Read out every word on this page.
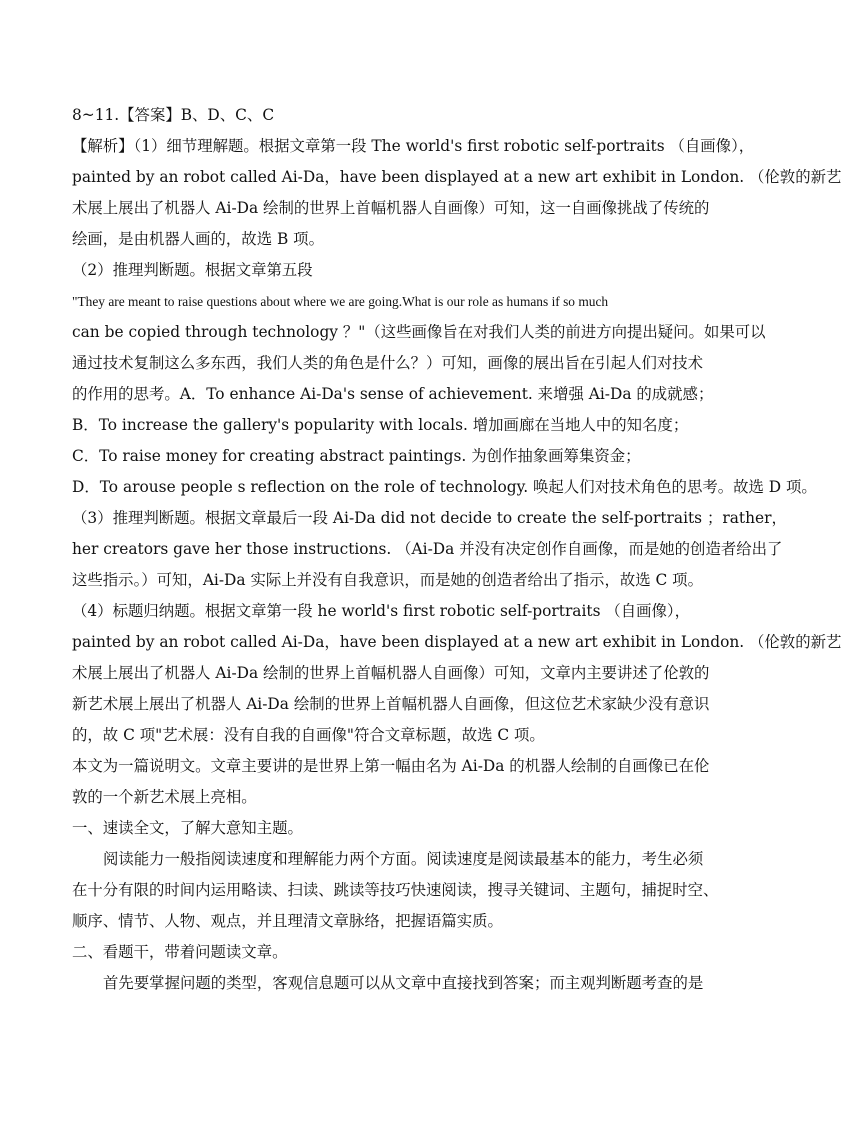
8~11.【答案】B、D、C、C
【解析】（1）细节理解题。根据文章第一段 The world's first robotic self-portraits （自画像），
painted by an robot called Ai-Da，have been displayed at a new art exhibit in London. （伦敦的新艺
术展上展出了机器人 Ai-Da 绘制的世界上首幅机器人自画像）可知，这一自画像挑战了传统的
绘画，是由机器人画的，故选 B 项。
（2）推理判断题。根据文章第五段
"They are meant to raise questions about where we are going.What is our role as humans if so much
can be copied through technology ？"（这些画像旨在对我们人类的前进方向提出疑问。如果可以
通过技术复制这么多东西，我们人类的角色是什么？）可知，画像的展出旨在引起人们对技术
的作用的思考。A．To enhance Ai-Da's sense of achievement. 来增强 Ai-Da 的成就感；
B．To increase the gallery's popularity with locals. 增加画廊在当地人中的知名度；
C．To raise money for creating abstract paintings. 为创作抽象画筹集资金；
D．To arouse people s reflection on the role of technology. 唤起人们对技术角色的思考。故选 D 项。
（3）推理判断题。根据文章最后一段 Ai-Da did not decide to create the self-portraits ；rather，
her creators gave her those instructions. （Ai-Da 并没有决定创作自画像，而是她的创造者给出了
这些指示。）可知，Ai-Da 实际上并没有自我意识，而是她的创造者给出了指示，故选 C 项。
（4）标题归纳题。根据文章第一段 he world's first robotic self-portraits （自画像），
painted by an robot called Ai-Da，have been displayed at a new art exhibit in London. （伦敦的新艺
术展上展出了机器人 Ai-Da 绘制的世界上首幅机器人自画像）可知，文章内主要讲述了伦敦的
新艺术展上展出了机器人 Ai-Da 绘制的世界上首幅机器人自画像，但这位艺术家缺少没有意识
的，故 C 项"艺术展：没有自我的自画像"符合文章标题，故选 C 项。
本文为一篇说明文。文章主要讲的是世界上第一幅由名为 Ai-Da 的机器人绘制的自画像已在伦
敦的一个新艺术展上亮相。
一、速读全文，了解大意知主题。
阅读能力一般指阅读速度和理解能力两个方面。阅读速度是阅读最基本的能力，考生必须
在十分有限的时间内运用略读、扫读、跳读等技巧快速阅读，搜寻关键词、主题句，捕捉时空、
顺序、情节、人物、观点，并且理清文章脉络，把握语篇实质。
二、看题干，带着问题读文章。
首先要掌握问题的类型，客观信息题可以从文章中直接找到答案；而主观判断题考查的是
